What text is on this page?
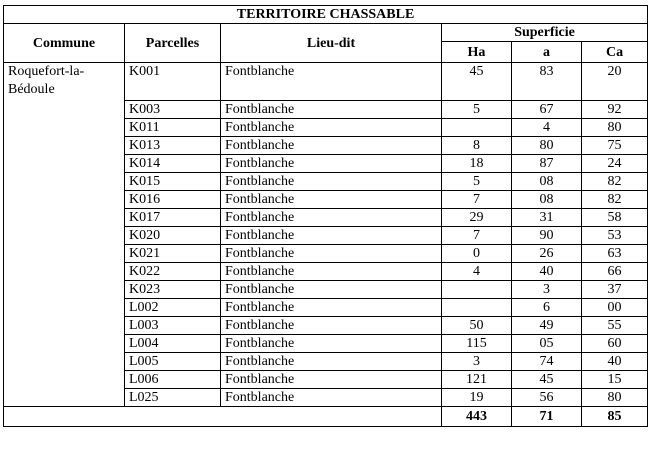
TERRITOIRE CHASSABLE					
Commune	Parcelles	Lieu-dit	Superficie		
			Ha	a	Ca
Roquefort-la-Bédoule	K001	Fontblanche	45	83	20
	K003	Fontblanche	5	67	92
	K011	Fontblanche		4	80
	K013	Fontblanche	8	80	75
	K014	Fontblanche	18	87	24
	K015	Fontblanche	5	08	82
	K016	Fontblanche	7	08	82
	K017	Fontblanche	29	31	58
	K020	Fontblanche	7	90	53
	K021	Fontblanche	0	26	63
	K022	Fontblanche	4	40	66
	K023	Fontblanche		3	37
	L002	Fontblanche		6	00
	L003	Fontblanche	50	49	55
	L004	Fontblanche	115	05	60
	L005	Fontblanche	3	74	40
	L006	Fontblanche	121	45	15
	L025	Fontblanche	19	56	80
			443	71	85
